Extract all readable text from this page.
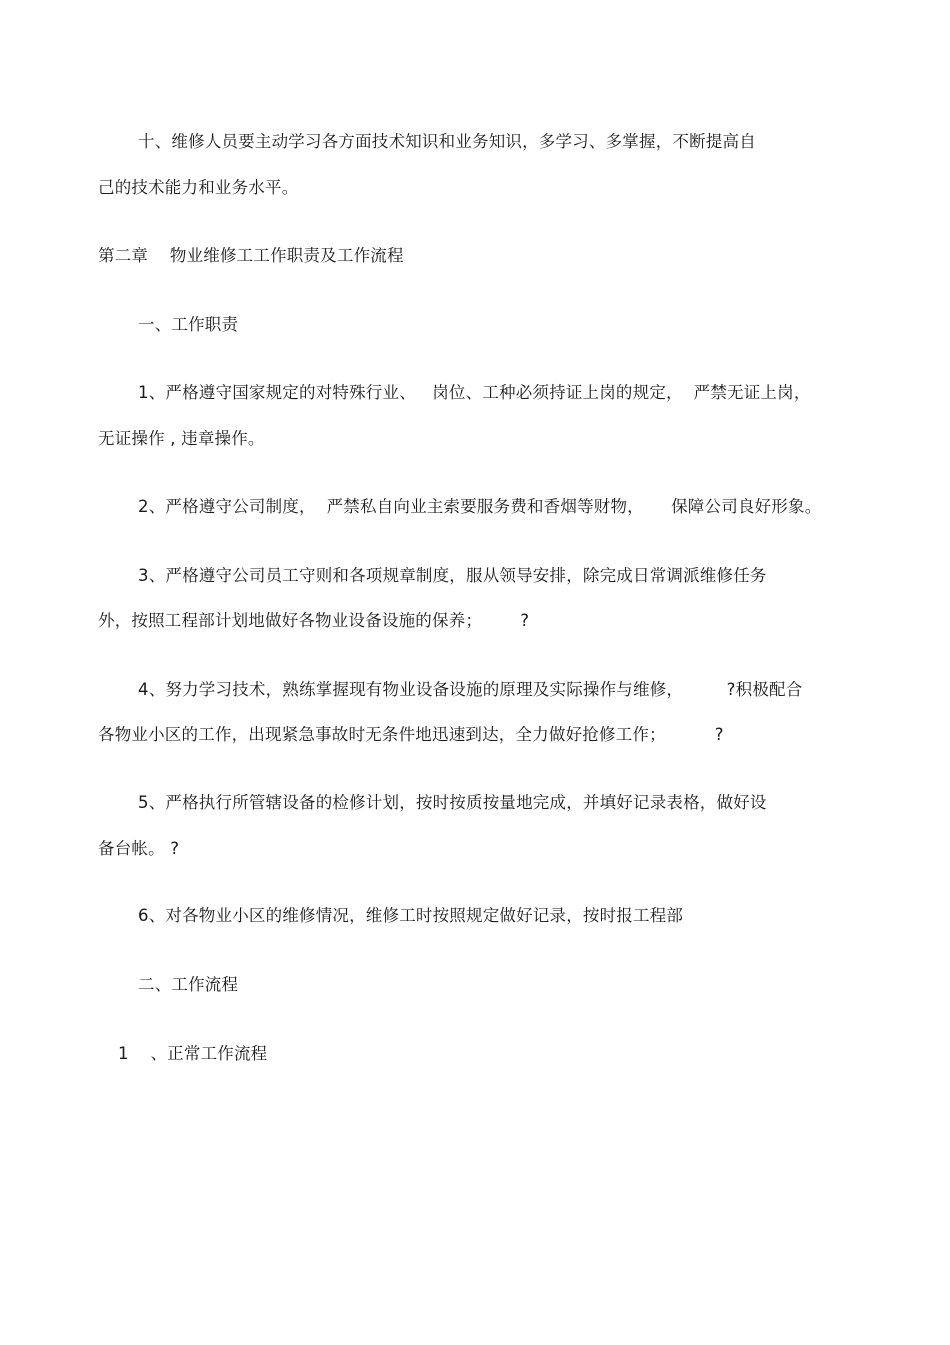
十、维修人员要主动学习各方面技术知识和业务知识，多学习、多掌握，不断提高自
己的技术能力和业务水平。
第二章    物业维修工工作职责及工作流程
一、工作职责
1、严格遵守国家规定的对特殊行业、   岗位、工种必须持证上岗的规定，  严禁无证上岗，
无证操作 , 违章操作。
2、严格遵守公司制度，  严禁私自向业主索要服务费和香烟等财物，     保障公司良好形象。
3、严格遵守公司员工守则和各项规章制度，服从领导安排，除完成日常调派维修任务
外，按照工程部计划地做好各物业设备设施的保养；       ?
4、努力学习技术，熟练掌握现有物业设备设施的原理及实际操作与维修，        ?积极配合
各物业小区的工作，出现紧急事故时无条件地迅速到达，全力做好抢修工作；         ?
5、严格执行所管辖设备的检修计划，按时按质按量地完成，并填好记录表格，做好设
备台帐。 ?
6、对各物业小区的维修情况，维修工时按照规定做好记录，按时报工程部
二、工作流程
1    、正常工作流程
